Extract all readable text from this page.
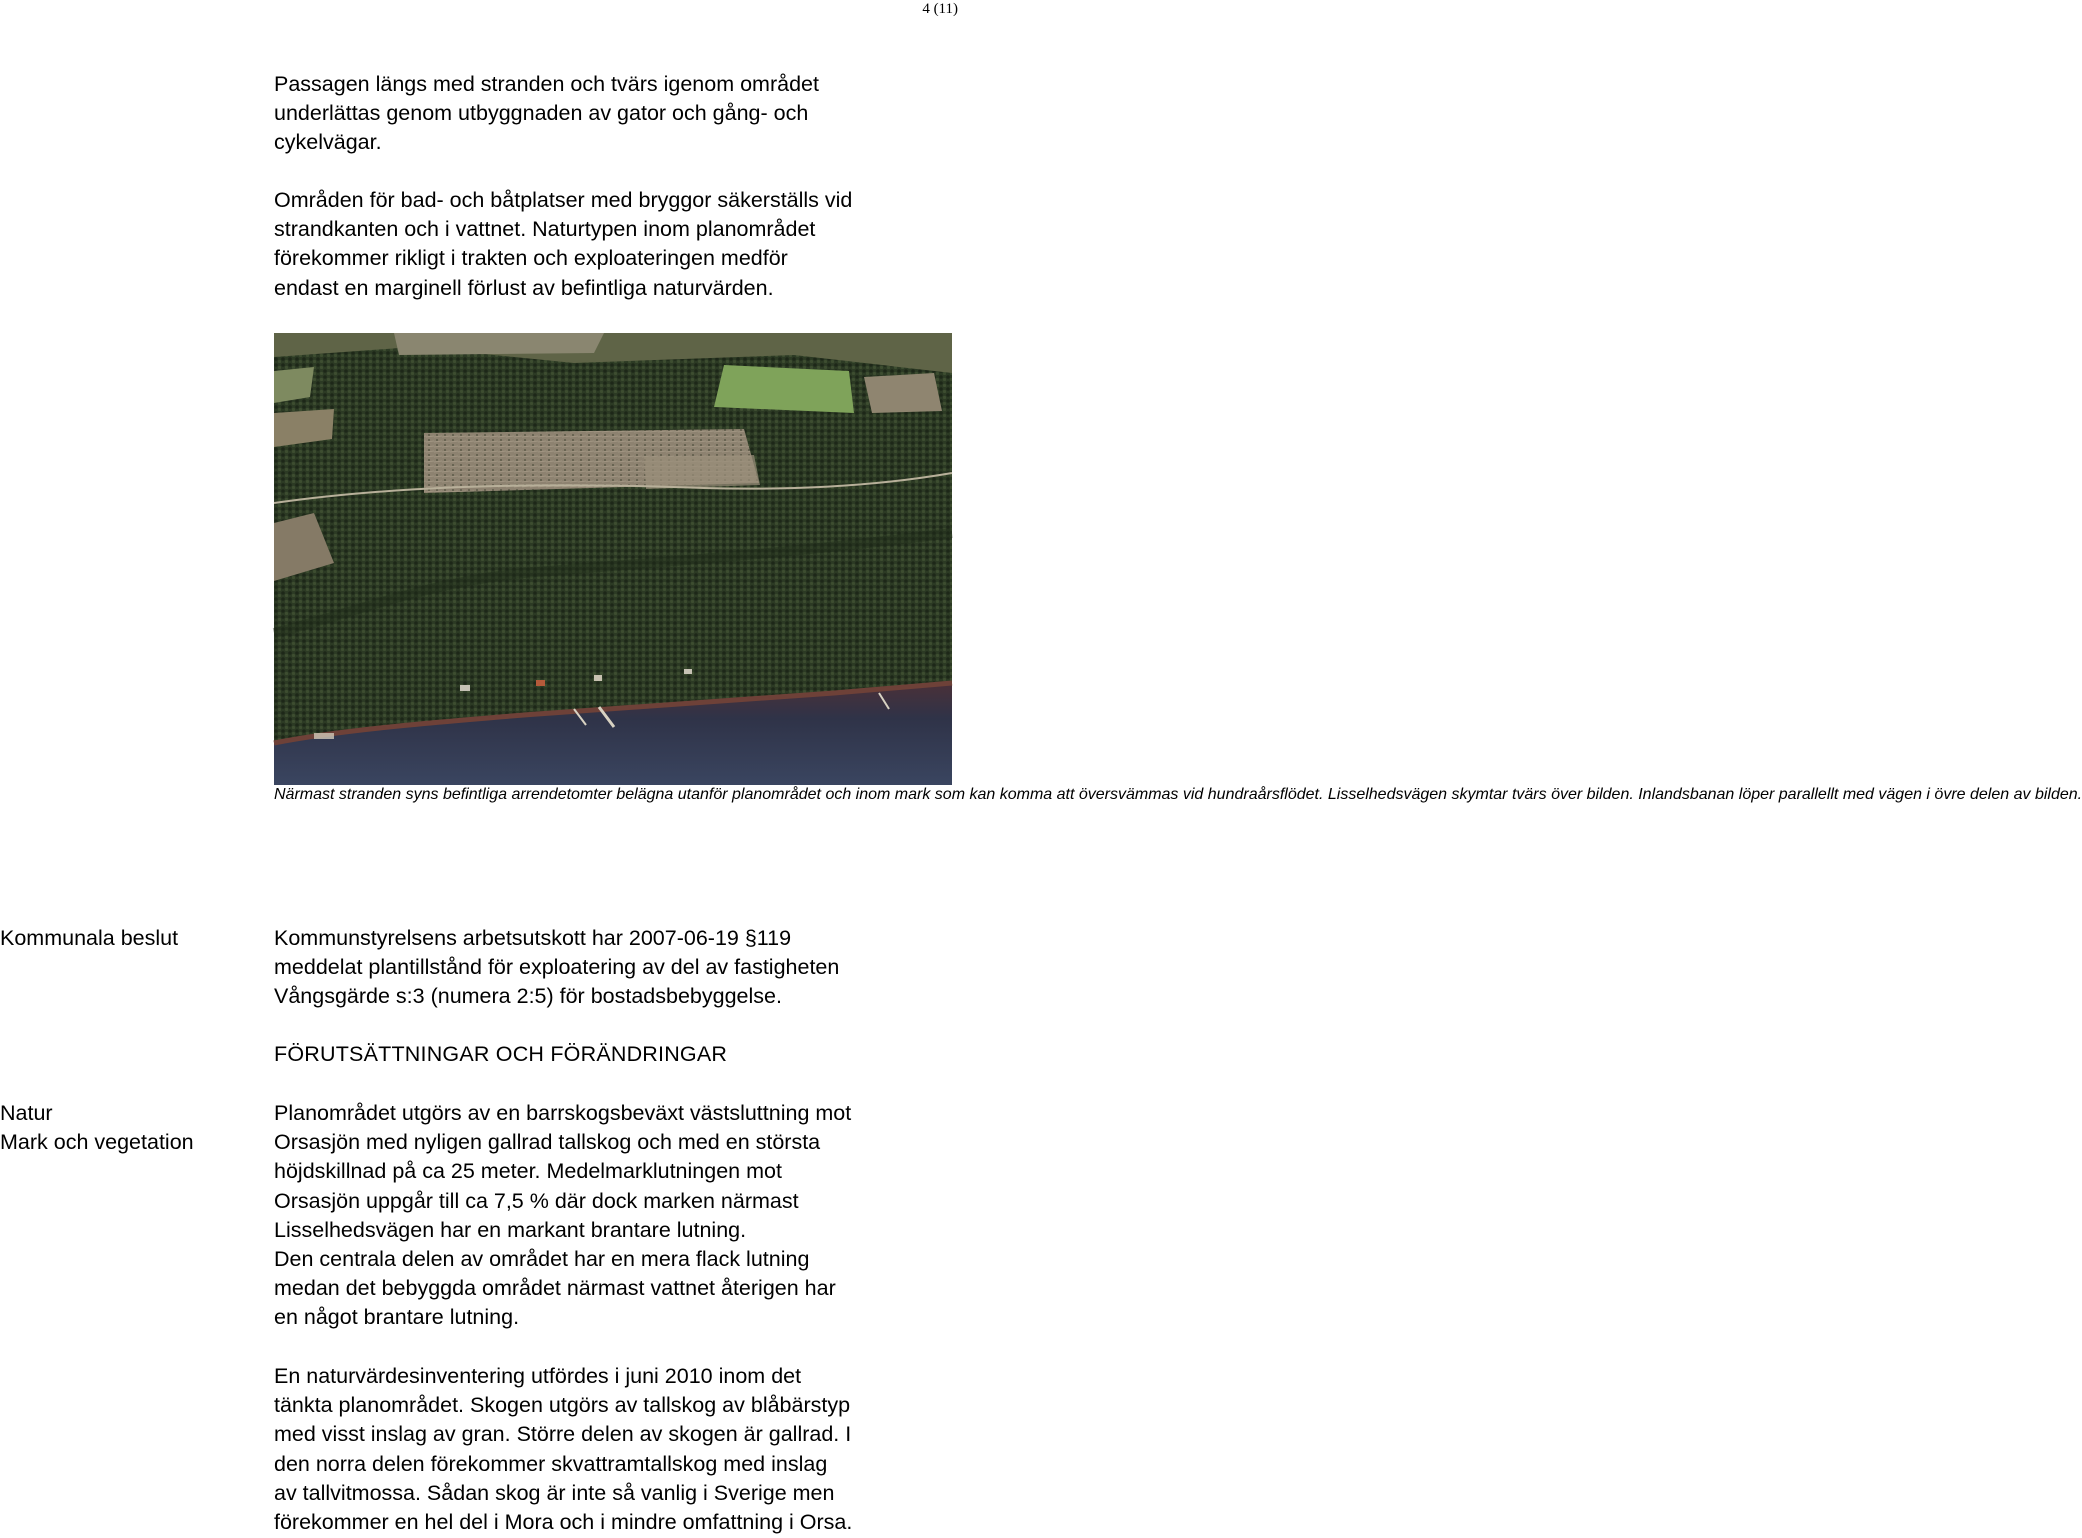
4 (11)

Passagen längs med stranden och tvärs igenom området
underlättas genom utbyggnaden av gator och gång- och
cykelvägar.

Områden för bad- och båtplatser med bryggor säkerställs vid
strandkanten och i vattnet. Naturtypen inom planområdet
förekommer rikligt i trakten och exploateringen medför
endast en marginell förlust av befintliga naturvärden.

Närmast stranden syns befintliga arrendetomter belägna utanför planområdet och inom mark som kan komma att översvämmas vid hundraårsflödet. Lisselhedsvägen skymtar tvärs över bilden. Inlandsbanan löper parallellt med vägen i övre delen av bilden.

Kommunala beslut	Kommunstyrelsens arbetsutskott har 2007-06-19 §119
meddelat plantillstånd för exploatering av del av fastigheten
Vångsgärde s:3 (numera 2:5) för bostadsbebyggelse.

FÖRUTSÄTTNINGAR OCH FÖRÄNDRINGAR

Natur
Mark och vegetation

Planområdet utgörs av en barrskogsbeväxt västsluttning mot
Orsasjön med nyligen gallrad tallskog och med en största
höjdskillnad på ca 25 meter. Medelmarklutningen mot
Orsasjön uppgår till ca 7,5 % där dock marken närmast
Lisselhedsvägen har en markant brantare lutning.
Den centrala delen av området har en mera flack lutning
medan det bebyggda området närmast vattnet återigen har
en något brantare lutning.

En naturvärdesinventering utfördes i juni 2010 inom det
tänkta planområdet. Skogen utgörs av tallskog av blåbärstyp
med visst inslag av gran. Större delen av skogen är gallrad. I
den norra delen förekommer skvattramtallskog med inslag
av tallvitmossa. Sådan skog är inte så vanlig i Sverige men
förekommer en hel del i Mora och i mindre omfattning i Orsa.
